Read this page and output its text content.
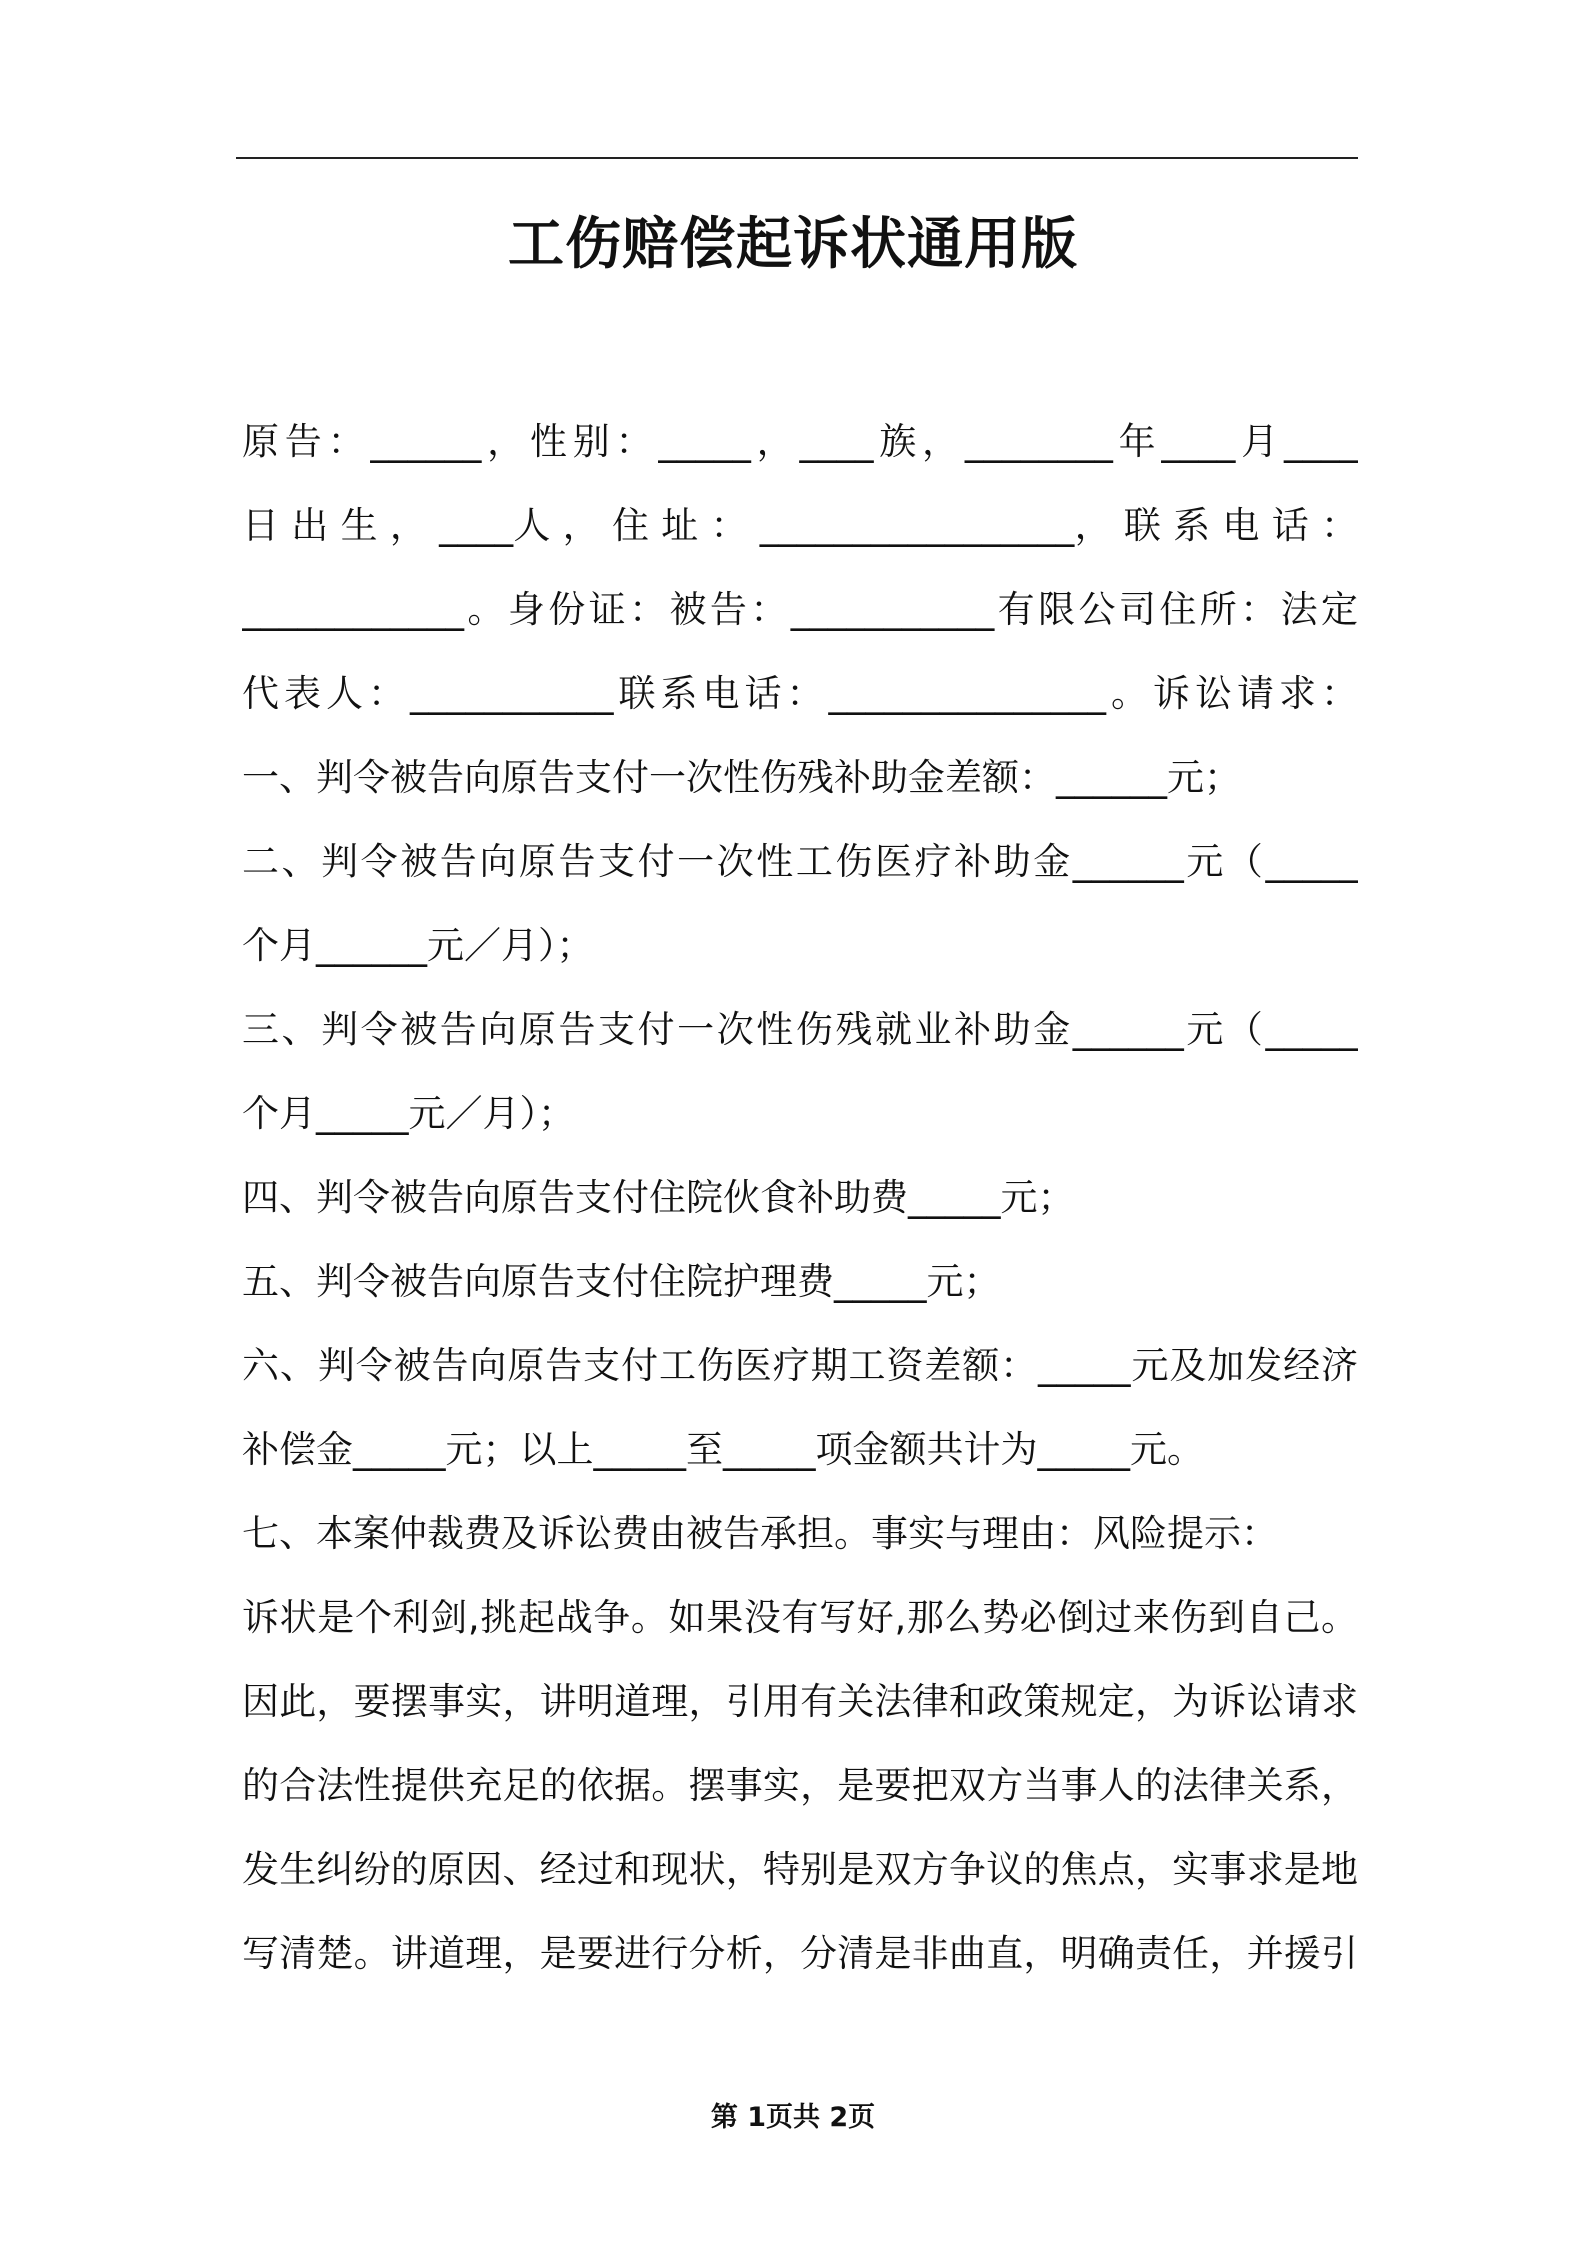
工伤赔偿起诉状通用版
原告：______，性别：_____，____族，________年____月____
日 出 生 ， ____人 ， 住 址 ： _________________， 联 系 电 话 ：
____________。身份证：被告：___________有限公司住所：法定
代表人：___________联系电话：_______________。诉讼请求：
一、判令被告向原告支付一次性伤残补助金差额：______元；
二、判令被告向原告支付一次性工伤医疗补助金______元（_____
个月______元／月）；
三、判令被告向原告支付一次性伤残就业补助金______元（_____
个月_____元／月）；
四、判令被告向原告支付住院伙食补助费_____元；
五、判令被告向原告支付住院护理费_____元；
六、判令被告向原告支付工伤医疗期工资差额：_____元及加发经济
补偿金_____元；以上_____至_____项金额共计为_____元。
七、本案仲裁费及诉讼费由被告承担。事实与理由：风险提示：
诉状是个利剑,挑起战争。如果没有写好,那么势必倒过来伤到自己。
因此，要摆事实，讲明道理，引用有关法律和政策规定，为诉讼请求
的合法性提供充足的依据。摆事实，是要把双方当事人的法律关系，
发生纠纷的原因、经过和现状，特别是双方争议的焦点，实事求是地
写清楚。讲道理，是要进行分析，分清是非曲直，明确责任，并援引
第 1页共 2页
